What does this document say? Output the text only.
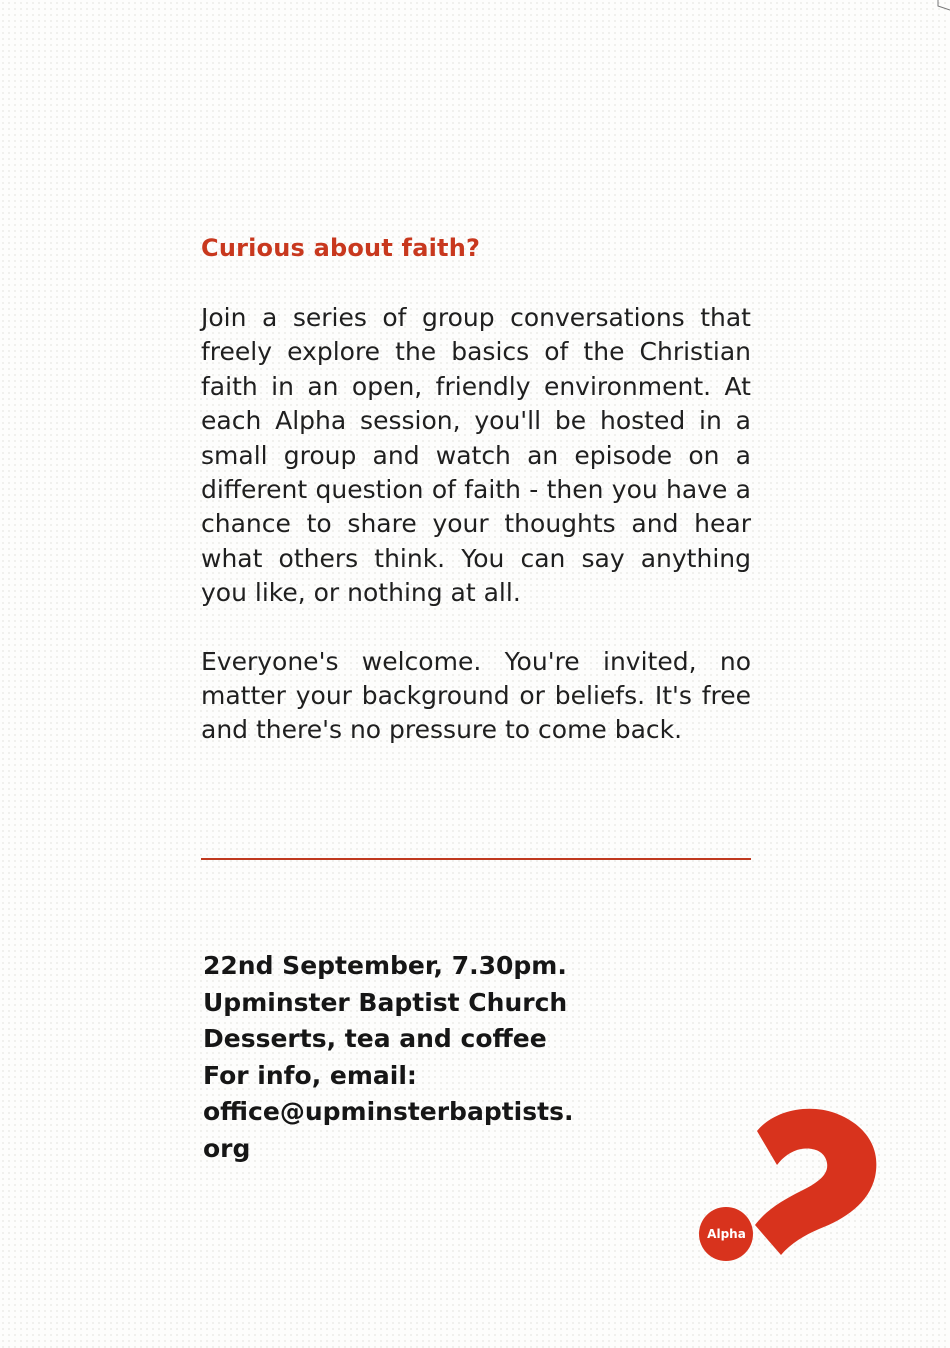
Curious about faith?

Join a series of group conversations that freely explore the basics of the Christian faith in an open, friendly environment. At each Alpha session, you'll be hosted in a small group and watch an episode on a different question of faith - then you have a chance to share your thoughts and hear what others think. You can say anything you like, or nothing at all.

Everyone's welcome. You're invited, no matter your background or beliefs. It's free and there's no pressure to come back.

22nd September, 7.30pm.

Upminster Baptist Church

Desserts, tea and coffee

For info, email:

office@upminsterbaptists.

org

Alpha
